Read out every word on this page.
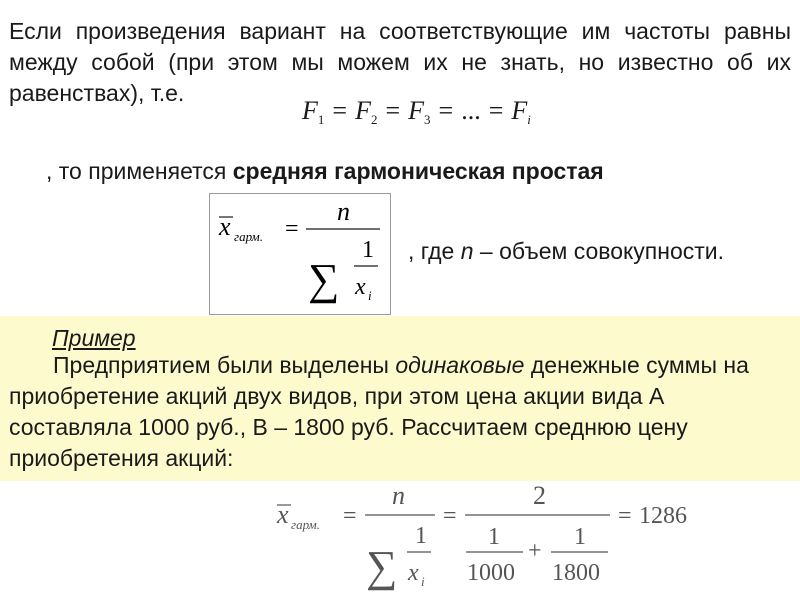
Если произведения вариант на соответствующие им частоты равны между собой (при этом мы можем их не знать, но известно об их равенствах), т.е.

$F_1 = F_2 = F_3$ = ... = $F_i$

, то применяется средняя гармоническая простая

x гарм. =
n
∑
1
x i

, где n – объем совокупности.

Пример

Предприятием были выделены одинаковые денежные суммы на приобретение акций двух видов, при этом цена акции вида А составляла 1000 руб., В – 1800 руб. Рассчитаем среднюю цену приобретения акций:

x гарм. =
n
∑
1
x i
=
2
1
1000
+
1
1800
= 1286
